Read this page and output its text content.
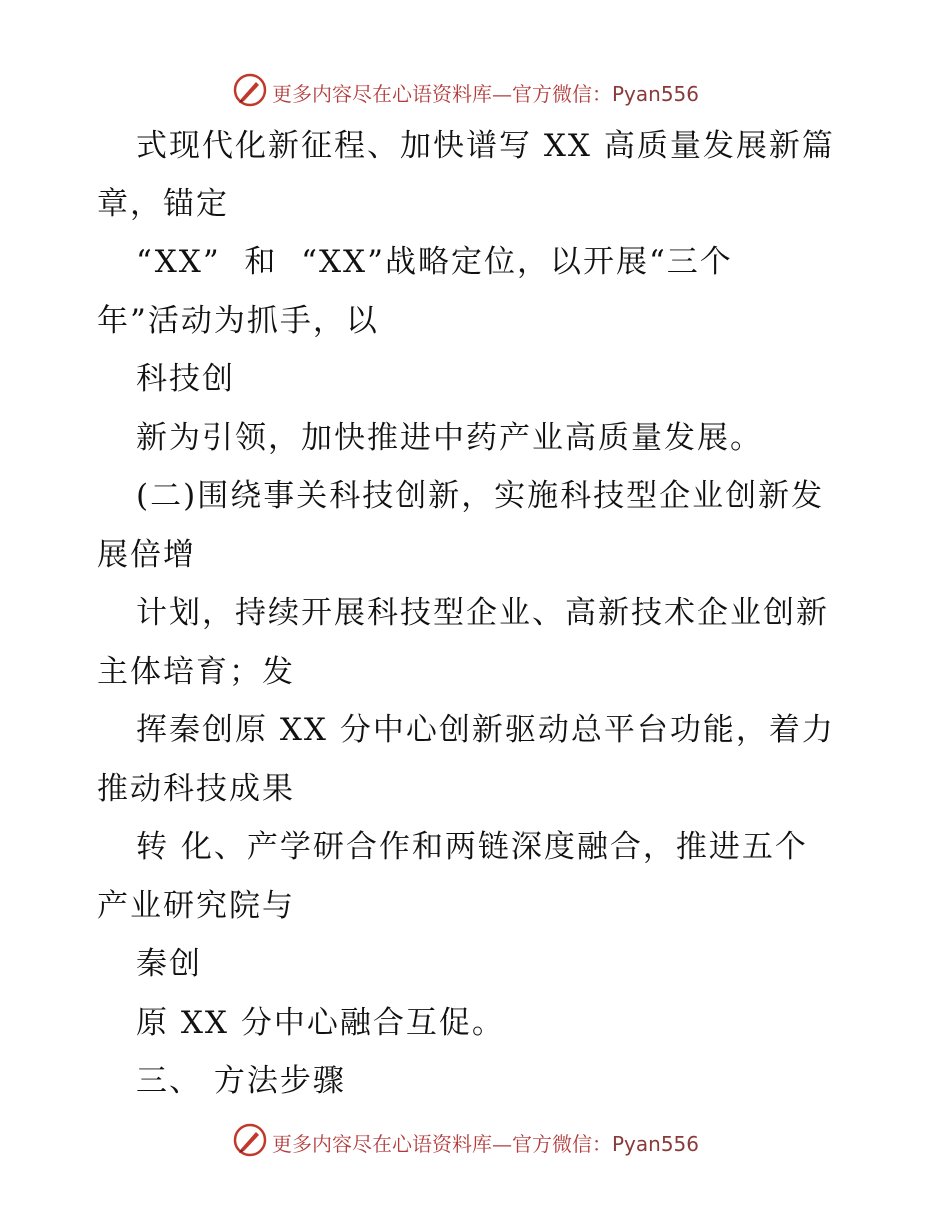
更多内容尽在心语资料库—官方微信：Pyan556
式现代化新征程、加快谱写 XX 高质量发展新篇
章，锚定
“XX”  和  “XX”战略定位，以开展“三个
年”活动为抓手，以
科技创
新为引领，加快推进中药产业高质量发展。
(二)围绕事关科技创新，实施科技型企业创新发
展倍增
计划，持续开展科技型企业、高新技术企业创新
主体培育；发
挥秦创原 XX 分中心创新驱动总平台功能，着力
推动科技成果
转 化、产学研合作和两链深度融合，推进五个
产业研究院与
秦创
原 XX 分中心融合互促。
三、 方法步骤
更多内容尽在心语资料库—官方微信：Pyan556
